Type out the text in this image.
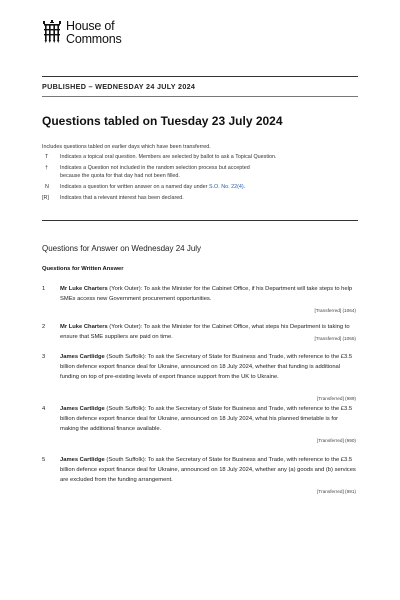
House of
Commons
PUBLISHED – WEDNESDAY 24 JULY 2024
Questions tabled on Tuesday 23 July 2024
Includes questions tabled on earlier days which have been transferred.
T Indicates a topical oral question. Members are selected by ballot to ask a Topical Question.
† Indicates a Question not included in the random selection process but accepted because the quota for that day had not been filled.
N Indicates a question for written answer on a named day under S.O. No. 22(4).
[R] Indicates that a relevant interest has been declared.
Questions for Answer on Wednesday 24 July
Questions for Written Answer
1	Mr Luke Charters (York Outer): To ask the Minister for the Cabinet Office, if his Department will take steps to help SMEs access new Government procurement opportunities.
[Transferred] (1064)
2	Mr Luke Charters (York Outer): To ask the Minister for the Cabinet Office, what steps his Department is taking to ensure that SME suppliers are paid on time.	[Transferred] (1065)
3	James Cartlidge (South Suffolk): To ask the Secretary of State for Business and Trade, with reference to the £3.5 billion defence export finance deal for Ukraine, announced on 18 July 2024, whether that funding is additional funding on top of pre-existing levels of export finance support from the UK to Ukraine.
[Transferred] (989)
4	James Cartlidge (South Suffolk): To ask the Secretary of State for Business and Trade, with reference to the £3.5 billion defence export finance deal for Ukraine, announced on 18 July 2024, what his planned timetable is for making the additional finance available.
[Transferred] (990)
5	James Cartlidge (South Suffolk): To ask the Secretary of State for Business and Trade, with reference to the £3.5 billion defence export finance deal for Ukraine, announced on 18 July 2024, whether any (a) goods and (b) services are excluded from the funding arrangement.
[Transferred] (991)
